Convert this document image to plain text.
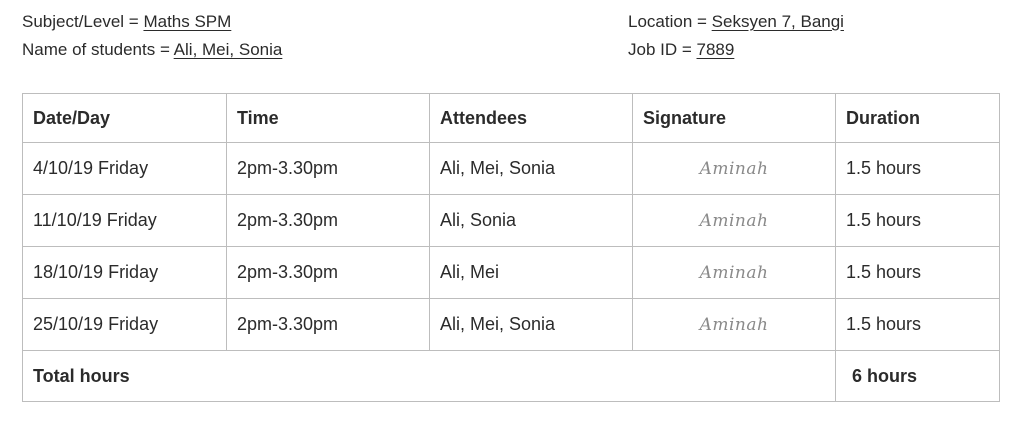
Subject/Level = Maths SPM
Name of students = Ali, Mei, Sonia
Location = Seksyen 7, Bangi
Job ID = 7889
Date/Day	Time	Attendees	Signature	Duration
4/10/19 Friday	2pm-3.30pm	Ali, Mei, Sonia	Aminah	1.5 hours
11/10/19 Friday	2pm-3.30pm	Ali, Sonia	Aminah	1.5 hours
18/10/19 Friday	2pm-3.30pm	Ali, Mei	Aminah	1.5 hours
25/10/19 Friday	2pm-3.30pm	Ali, Mei, Sonia	Aminah	1.5 hours
Total hours				6 hours
